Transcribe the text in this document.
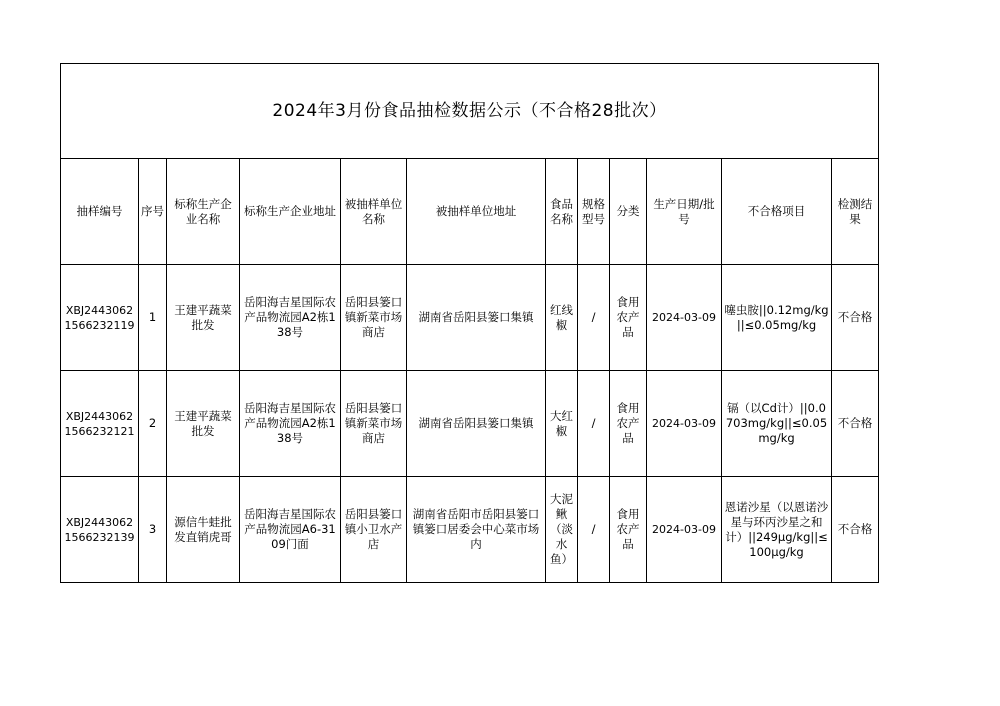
2024年3月份食品抽检数据公示（不合格28批次）											
抽样编号	序号	标称生产企业名称	标称生产企业地址	被抽样单位名称	被抽样单位地址	食品名称	规格型号	分类	生产日期/批号	不合格项目	检测结果
XBJ24430621566232119	1	王建平蔬菜批发	岳阳海吉星国际农产品物流园A2栋138号	岳阳县篓口镇新菜市场商店	湖南省岳阳县篓口集镇	红线椒	/	食用农产品	2024-03-09	噻虫胺||0.12mg/kg||≤0.05mg/kg	不合格
XBJ24430621566232121	2	王建平蔬菜批发	岳阳海吉星国际农产品物流园A2栋138号	岳阳县篓口镇新菜市场商店	湖南省岳阳县篓口集镇	大红椒	/	食用农产品	2024-03-09	镉（以Cd计）||0.0703mg/kg||≤0.05mg/kg	不合格
XBJ24430621566232139	3	源信牛蛙批发直销虎哥	岳阳海吉星国际农产品物流园A6-3109门面	岳阳县篓口镇小卫水产店	湖南省岳阳市岳阳县篓口镇篓口居委会中心菜市场内	大泥鳅（淡水鱼）	/	食用农产品	2024-03-09	恩诺沙星（以恩诺沙星与环丙沙星之和计）||249μg/kg||≤100μg/kg	不合格
